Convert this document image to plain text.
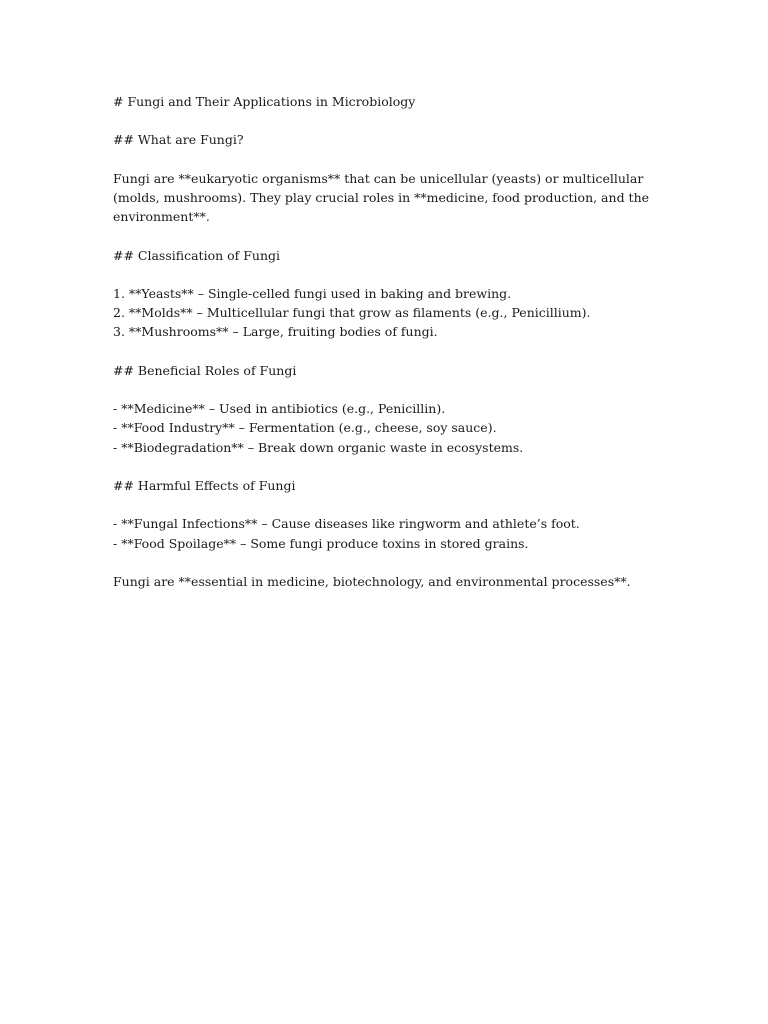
# Fungi and Their Applications in Microbiology

## What are Fungi?

Fungi are **eukaryotic organisms** that can be unicellular (yeasts) or multicellular (molds, mushrooms). They play crucial roles in **medicine, food production, and the environment**.

## Classification of Fungi

1. **Yeasts** – Single-celled fungi used in baking and brewing.

2. **Molds** – Multicellular fungi that grow as filaments (e.g., Penicillium).

3. **Mushrooms** – Large, fruiting bodies of fungi.

## Beneficial Roles of Fungi

- **Medicine** – Used in antibiotics (e.g., Penicillin).

- **Food Industry** – Fermentation (e.g., cheese, soy sauce).

- **Biodegradation** – Break down organic waste in ecosystems.

## Harmful Effects of Fungi

- **Fungal Infections** – Cause diseases like ringworm and athlete’s foot.

- **Food Spoilage** – Some fungi produce toxins in stored grains.

Fungi are **essential in medicine, biotechnology, and environmental processes**.
